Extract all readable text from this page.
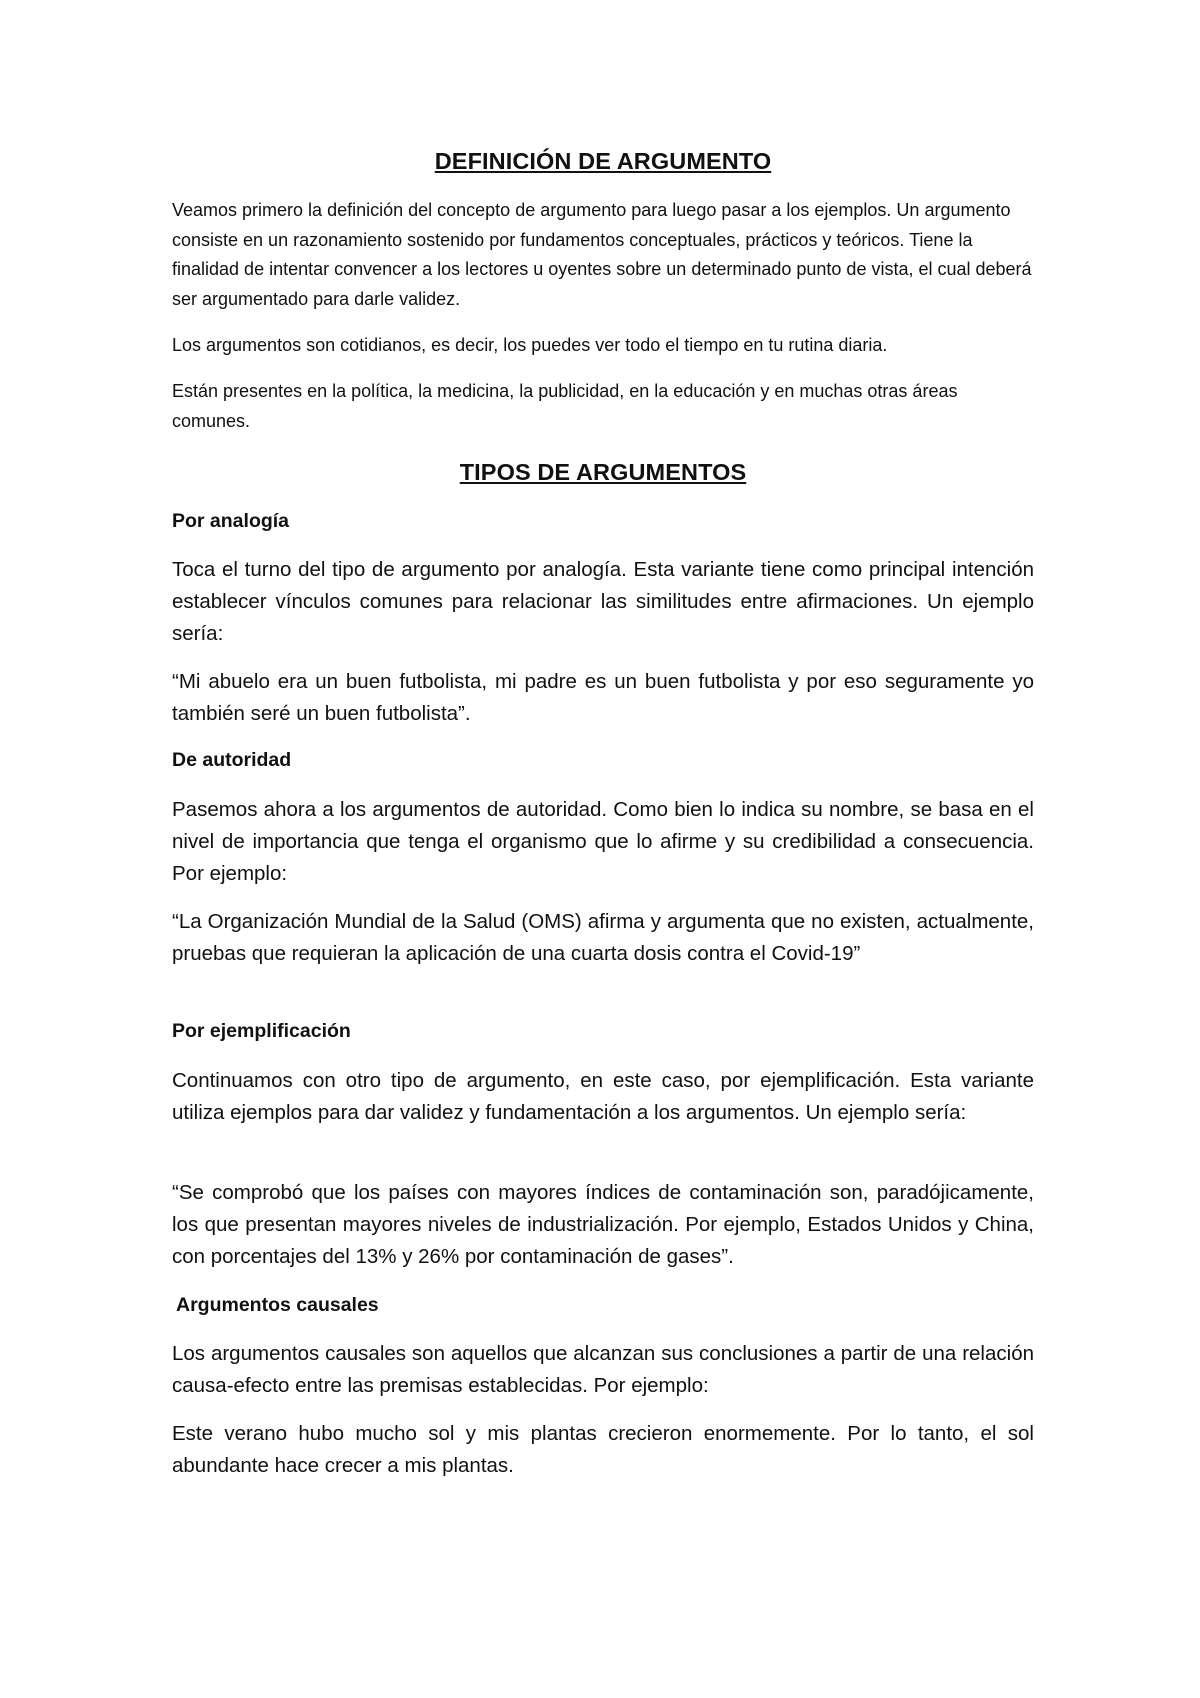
DEFINICIÓN DE ARGUMENTO

Veamos primero la definición del concepto de argumento para luego pasar a los ejemplos. Un argumento consiste en un razonamiento sostenido por fundamentos conceptuales, prácticos y teóricos. Tiene la finalidad de intentar convencer a los lectores u oyentes sobre un determinado punto de vista, el cual deberá ser argumentado para darle validez.

Los argumentos son cotidianos, es decir, los puedes ver todo el tiempo en tu rutina diaria.

Están presentes en la política, la medicina, la publicidad, en la educación y en muchas otras áreas comunes.

TIPOS DE ARGUMENTOS

Por analogía

Toca el turno del tipo de argumento por analogía. Esta variante tiene como principal intención establecer vínculos comunes para relacionar las similitudes entre afirmaciones. Un ejemplo sería:

“Mi abuelo era un buen futbolista, mi padre es un buen futbolista y por eso seguramente yo también seré un buen futbolista”.

De autoridad

Pasemos ahora a los argumentos de autoridad. Como bien lo indica su nombre, se basa en el nivel de importancia que tenga el organismo que lo afirme y su credibilidad a consecuencia. Por ejemplo:

“La Organización Mundial de la Salud (OMS) afirma y argumenta que no existen, actualmente, pruebas que requieran la aplicación de una cuarta dosis contra el Covid-19”

Por ejemplificación

Continuamos con otro tipo de argumento, en este caso, por ejemplificación. Esta variante utiliza ejemplos para dar validez y fundamentación a los argumentos. Un ejemplo sería:

“Se comprobó que los países con mayores índices de contaminación son, paradójicamente, los que presentan mayores niveles de industrialización. Por ejemplo, Estados Unidos y China, con porcentajes del 13% y 26% por contaminación de gases”.

Argumentos causales

Los argumentos causales son aquellos que alcanzan sus conclusiones a partir de una relación causa-efecto entre las premisas establecidas. Por ejemplo:

Este verano hubo mucho sol y mis plantas crecieron enormemente. Por lo tanto, el sol abundante hace crecer a mis plantas.
